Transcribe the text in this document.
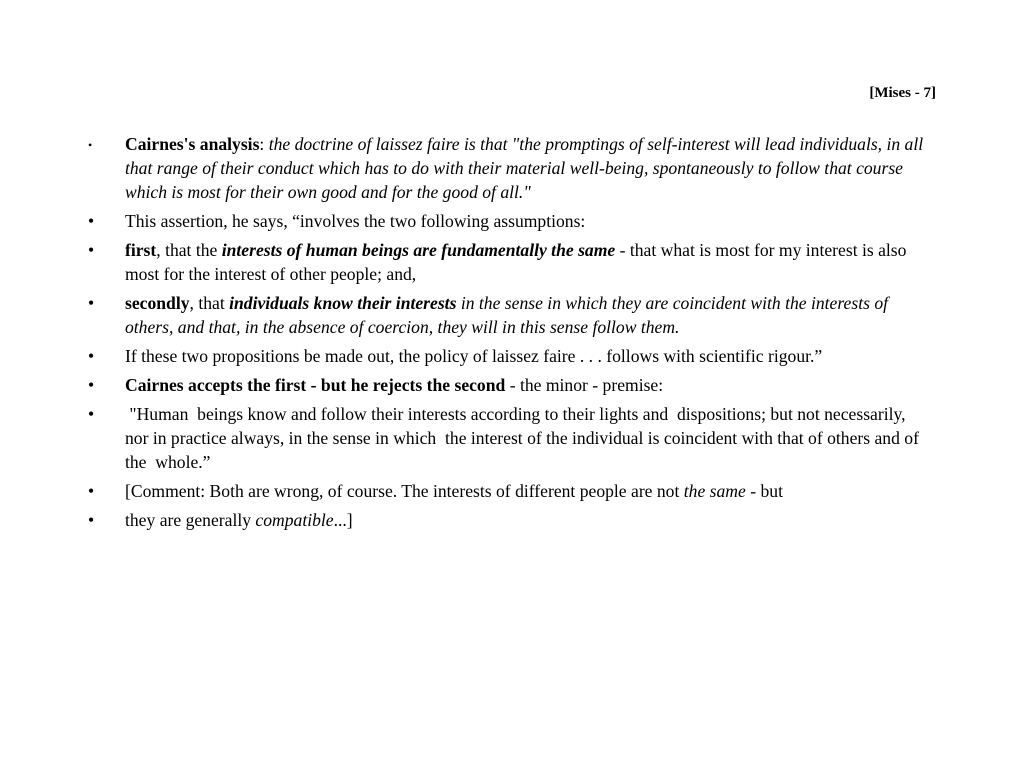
[Mises - 7]
•	Cairnes's analysis: the doctrine of laissez faire is that "the promptings of self-interest will lead individuals, in all that range of their conduct which has to do with their material well-being, spontaneously to follow that course which is most for their own good and for the good of all."
•	This assertion, he says, “involves the two following assumptions:
•	first, that the interests of human beings are fundamentally the same - that what is most for my interest is also most for the interest of other people; and,
•	secondly, that individuals know their interests in the sense in which they are coincident with the interests of others, and that, in the absence of coercion, they will in this sense follow them.
•	If these two propositions be made out, the policy of laissez faire . . . follows with scientific rigour.”
•	Cairnes accepts the first - but he rejects the second - the minor - premise:
•	"Human  beings know and follow their interests according to their lights and  dispositions; but not necessarily, nor in practice always, in the sense in which  the interest of the individual is coincident with that of others and of the  whole.”
•	[Comment: Both are wrong, of course. The interests of different people are not the same - but
•	they are generally compatible...]
